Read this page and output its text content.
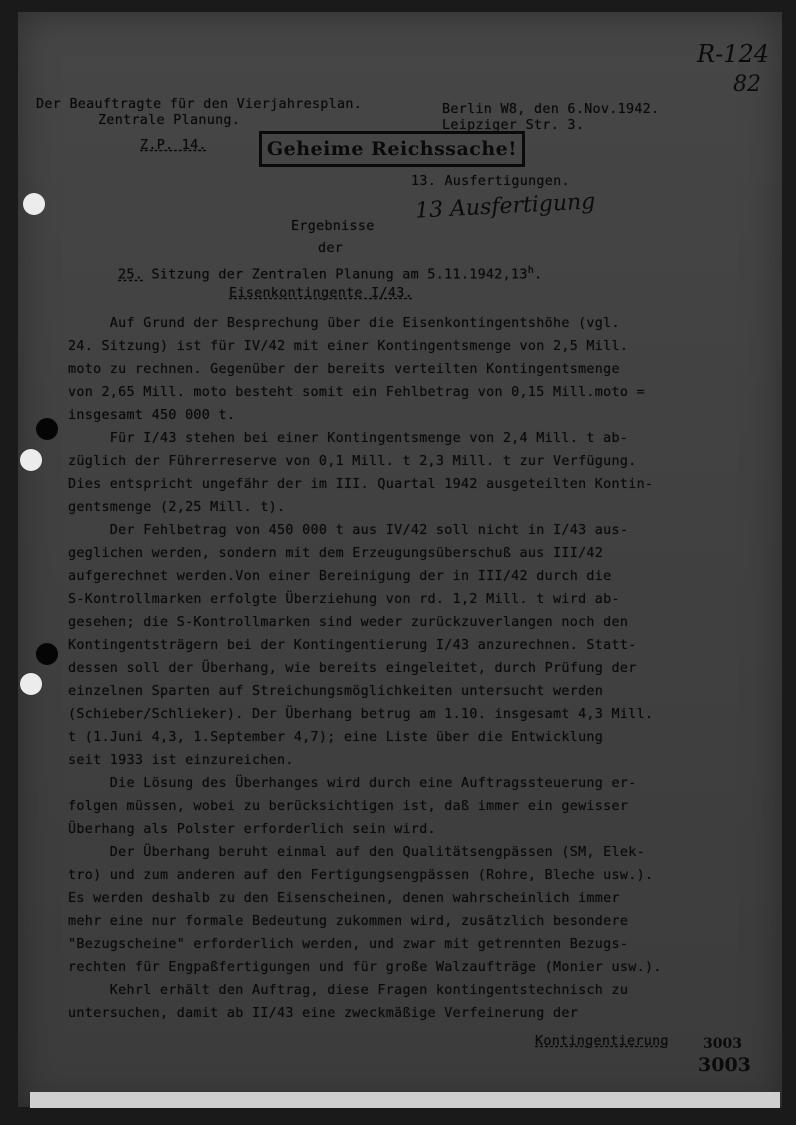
R-124
82
Der Beauftragte für den Vierjahresplan.
Zentrale Planung.
Z.P. 14.
Berlin W8, den 6.Nov.1942.
Leipziger Str. 3.
Geheime Reichssache!
13. Ausfertigungen.
13 Ausfertigung
Ergebnisse
der
25. Sitzung der Zentralen Planung am 5.11.1942,13$^h$.
Eisenkontingente I/43.
Auf Grund der Besprechung über die Eisenkontingentshöhe (vgl.
24. Sitzung) ist für IV/42 mit einer Kontingentsmenge von 2,5 Mill.
moto zu rechnen. Gegenüber der bereits verteilten Kontingentsmenge
von 2,65 Mill. moto besteht somit ein Fehlbetrag von 0,15 Mill.moto =
insgesamt 450 000 t.
Für I/43 stehen bei einer Kontingentsmenge von 2,4 Mill. t ab-
züglich der Führerreserve von 0,1 Mill. t 2,3 Mill. t zur Verfügung.
Dies entspricht ungefähr der im III. Quartal 1942 ausgeteilten Kontin-
gentsmenge (2,25 Mill. t).
Der Fehlbetrag von 450 000 t aus IV/42 soll nicht in I/43 aus-
geglichen werden, sondern mit dem Erzeugungsüberschuß aus III/42
aufgerechnet werden.Von einer Bereinigung der in III/42 durch die
S-Kontrollmarken erfolgte Überziehung von rd. 1,2 Mill. t wird ab-
gesehen; die S-Kontrollmarken sind weder zurückzuverlangen noch den
Kontingentsträgern bei der Kontingentierung I/43 anzurechnen. Statt-
dessen soll der Überhang, wie bereits eingeleitet, durch Prüfung der
einzelnen Sparten auf Streichungsmöglichkeiten untersucht werden
(Schieber/Schlieker). Der Überhang betrug am 1.10. insgesamt 4,3 Mill.
t (1.Juni 4,3, 1.September 4,7); eine Liste über die Entwicklung
seit 1933 ist einzureichen.
Die Lösung des Überhanges wird durch eine Auftragssteuerung er-
folgen müssen, wobei zu berücksichtigen ist, daß immer ein gewisser
Überhang als Polster erforderlich sein wird.
Der Überhang beruht einmal auf den Qualitätsengpässen (SM, Elek-
tro) und zum anderen auf den Fertigungsengpässen (Rohre, Bleche usw.).
Es werden deshalb zu den Eisenscheinen, denen wahrscheinlich immer
mehr eine nur formale Bedeutung zukommen wird, zusätzlich besondere
"Bezugscheine" erforderlich werden, und zwar mit getrennten Bezugs-
rechten für Engpaßfertigungen und für große Walzaufträge (Monier usw.).
Kehrl erhält den Auftrag, diese Fragen kontingentstechnisch zu
untersuchen, damit ab II/43 eine zweckmäßige Verfeinerung der
Kontingentierung 3003
3003
